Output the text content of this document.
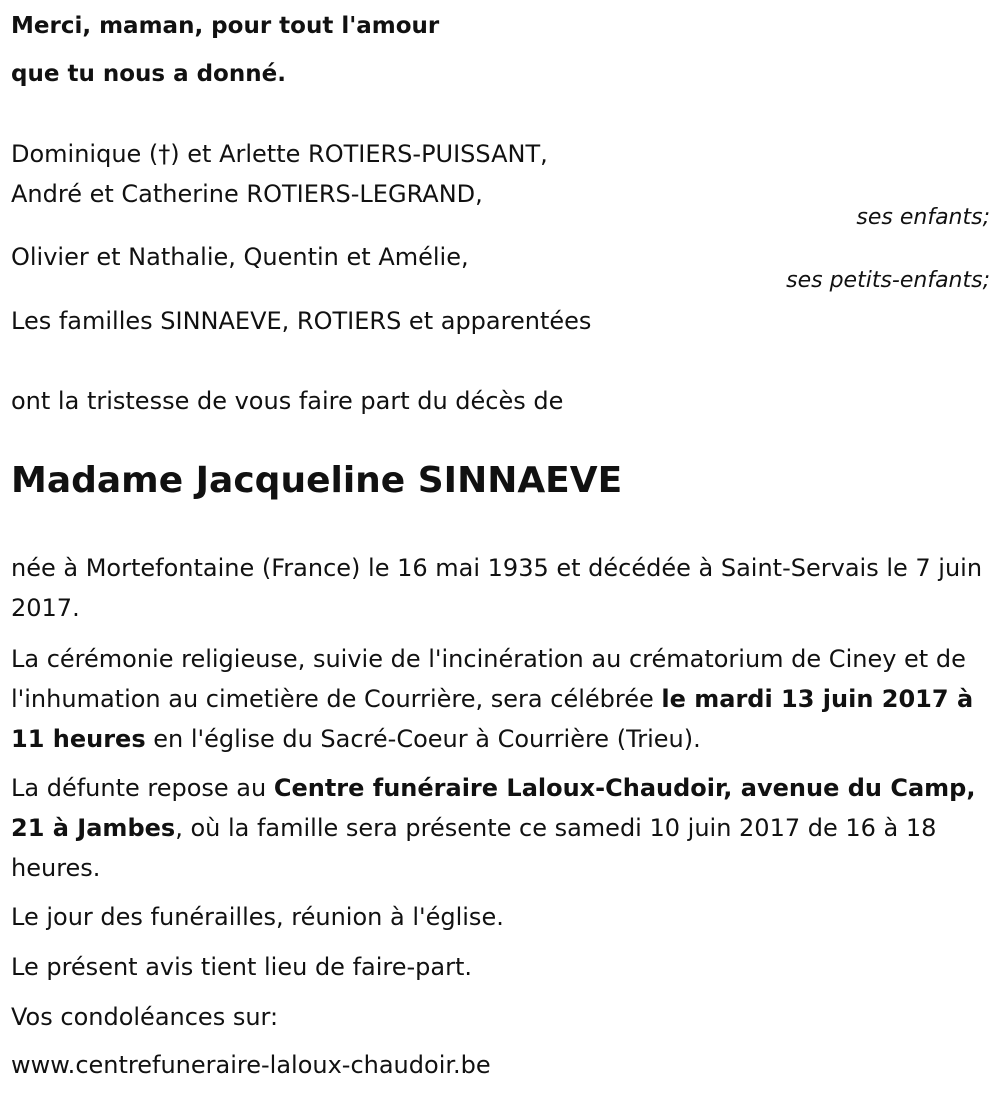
Merci, maman, pour tout l'amour
que tu nous a donné.
Dominique (†) et Arlette ROTIERS-PUISSANT,
André et Catherine ROTIERS-LEGRAND,
ses enfants;
Olivier et Nathalie, Quentin et Amélie,
ses petits-enfants;
Les familles SINNAEVE, ROTIERS et apparentées
ont la tristesse de vous faire part du décès de
Madame Jacqueline SINNAEVE
née à Mortefontaine (France) le 16 mai 1935 et décédée à Saint-Servais le 7 juin 2017.
La cérémonie religieuse, suivie de l'incinération au crématorium de Ciney et de l'inhumation au cimetière de Courrière, sera célébrée le mardi 13 juin 2017 à 11 heures en l'église du Sacré-Coeur à Courrière (Trieu).
La défunte repose au Centre funéraire Laloux-Chaudoir, avenue du Camp, 21 à Jambes, où la famille sera présente ce samedi 10 juin 2017 de 16 à 18 heures.
Le jour des funérailles, réunion à l'église.
Le présent avis tient lieu de faire-part.
Vos condoléances sur:
www.centrefuneraire-laloux-chaudoir.be
